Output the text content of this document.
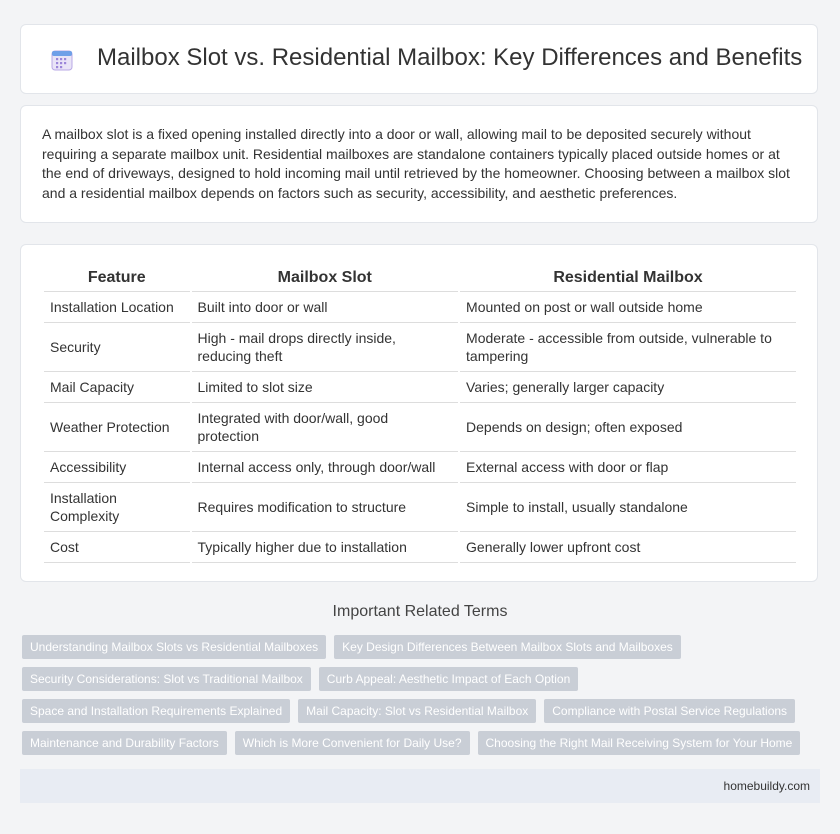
Mailbox Slot vs. Residential Mailbox: Key Differences and Benefits

A mailbox slot is a fixed opening installed directly into a door or wall, allowing mail to be deposited securely without requiring a separate mailbox unit. Residential mailboxes are standalone containers typically placed outside homes or at the end of driveways, designed to hold incoming mail until retrieved by the homeowner. Choosing between a mailbox slot and a residential mailbox depends on factors such as security, accessibility, and aesthetic preferences.

Feature	Mailbox Slot	Residential Mailbox
Installation Location	Built into door or wall	Mounted on post or wall outside home
Security	High - mail drops directly inside, reducing theft	Moderate - accessible from outside, vulnerable to tampering
Mail Capacity	Limited to slot size	Varies; generally larger capacity
Weather Protection	Integrated with door/wall, good protection	Depends on design; often exposed
Accessibility	Internal access only, through door/wall	External access with door or flap
Installation Complexity	Requires modification to structure	Simple to install, usually standalone
Cost	Typically higher due to installation	Generally lower upfront cost
Important Related Terms
Understanding Mailbox Slots vs Residential Mailboxes	Key Design Differences Between Mailbox Slots and Mailboxes
Security Considerations: Slot vs Traditional Mailbox	Curb Appeal: Aesthetic Impact of Each Option
Space and Installation Requirements Explained	Mail Capacity: Slot vs Residential Mailbox	Compliance with Postal Service Regulations
Maintenance and Durability Factors	Which is More Convenient for Daily Use?	Choosing the Right Mail Receiving System for Your Home
homebuildy.com
